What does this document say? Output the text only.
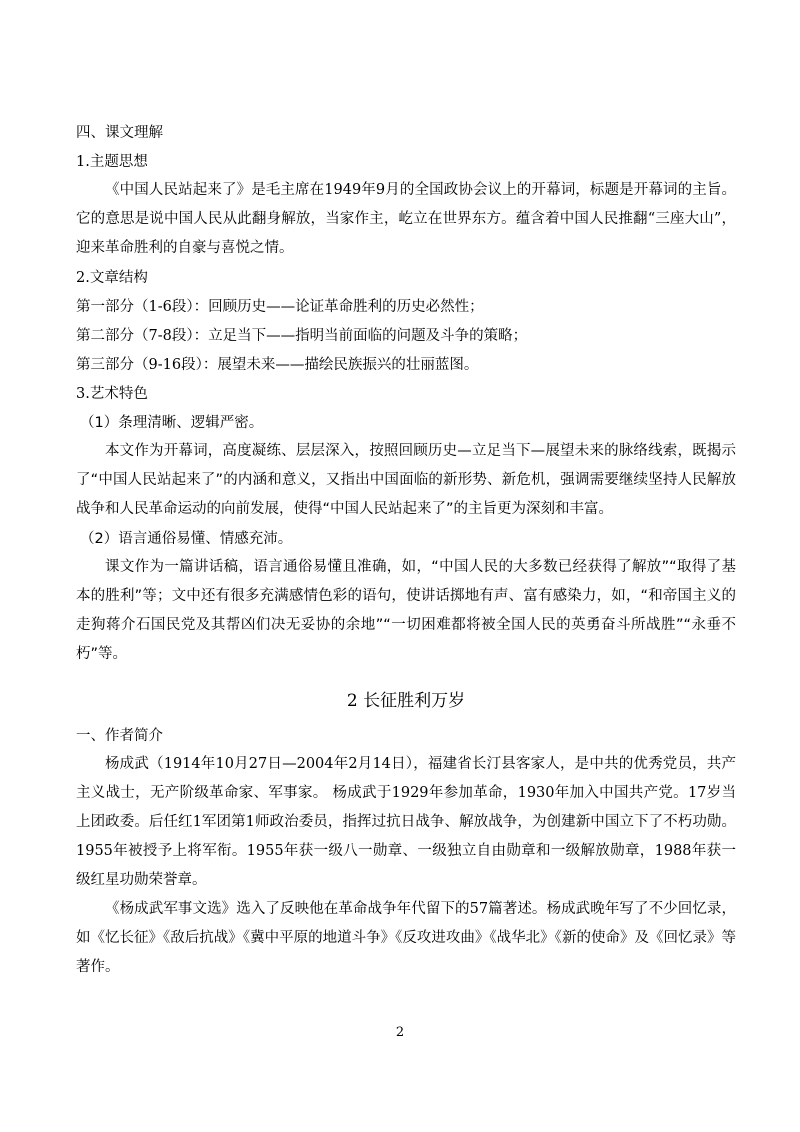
四、课文理解
1.主题思想

《中国人民站起来了》是毛主席在1949年9月的全国政协会议上的开幕词，标题是开幕词的主旨。它的意思是说中国人民从此翻身解放，当家作主，屹立在世界东方。蕴含着中国人民推翻“三座大山”，迎来革命胜利的自豪与喜悦之情。

2.文章结构
第一部分（1-6段）：回顾历史——论证革命胜利的历史必然性；
第二部分（7-8段）：立足当下——指明当前面临的问题及斗争的策略；
第三部分（9-16段）：展望未来——描绘民族振兴的壮丽蓝图。
3.艺术特色
（1）条理清晰、逻辑严密。

本文作为开幕词，高度凝练、层层深入，按照回顾历史—立足当下—展望未来的脉络线索，既揭示了“中国人民站起来了”的内涵和意义，又指出中国面临的新形势、新危机，强调需要继续坚持人民解放战争和人民革命运动的向前发展，使得“中国人民站起来了”的主旨更为深刻和丰富。

（2）语言通俗易懂、情感充沛。

课文作为一篇讲话稿，语言通俗易懂且准确，如，“中国人民的大多数已经获得了解放”“取得了基本的胜利”等；文中还有很多充满感情色彩的语句，使讲话掷地有声、富有感染力，如，“和帝国主义的走狗蒋介石国民党及其帮凶们决无妥协的余地”“一切困难都将被全国人民的英勇奋斗所战胜”“永垂不朽”等。

2 长征胜利万岁
一、作者简介

杨成武（1914年10月27日—2004年2月14日），福建省长汀县客家人，是中共的优秀党员，共产主义战士，无产阶级革命家、军事家。 杨成武于1929年参加革命，1930年加入中国共产党。17岁当上团政委。后任红1军团第1师政治委员，指挥过抗日战争、解放战争，为创建新中国立下了不朽功勋。1955年被授予上将军衔。1955年获一级八一勋章、一级独立自由勋章和一级解放勋章，1988年获一级红星功勋荣誉章。

《杨成武军事文选》选入了反映他在革命战争年代留下的57篇著述。杨成武晚年写了不少回忆录，如《忆长征》《敌后抗战》《冀中平原的地道斗争》《反攻进攻曲》《战华北》《新的使命》及《回忆录》等著作。

2
